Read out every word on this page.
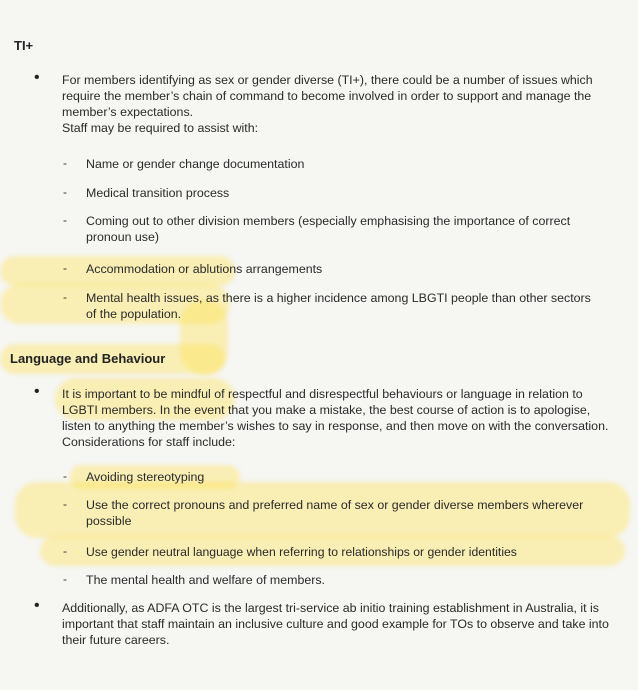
TI+
• For members identifying as sex or gender diverse (TI+), there could be a number of issues which require the member’s chain of command to become involved in order to support and manage the member’s expectations.
Staff may be required to assist with:
- Name or gender change documentation
- Medical transition process
- Coming out to other division members (especially emphasising the importance of correct pronoun use)
- Accommodation or ablutions arrangements
- Mental health issues, as there is a higher incidence among LBGTI people than other sectors of the population.
Language and Behaviour
• It is important to be mindful of respectful and disrespectful behaviours or language in relation to LGBTI members. In the event that you make a mistake, the best course of action is to apologise, listen to anything the member’s wishes to say in response, and then move on with the conversation. Considerations for staff include:
- Avoiding stereotyping
- Use the correct pronouns and preferred name of sex or gender diverse members wherever possible
- Use gender neutral language when referring to relationships or gender identities
- The mental health and welfare of members.
• Additionally, as ADFA OTC is the largest tri-service ab initio training establishment in Australia, it is important that staff maintain an inclusive culture and good example for TOs to observe and take into their future careers.
